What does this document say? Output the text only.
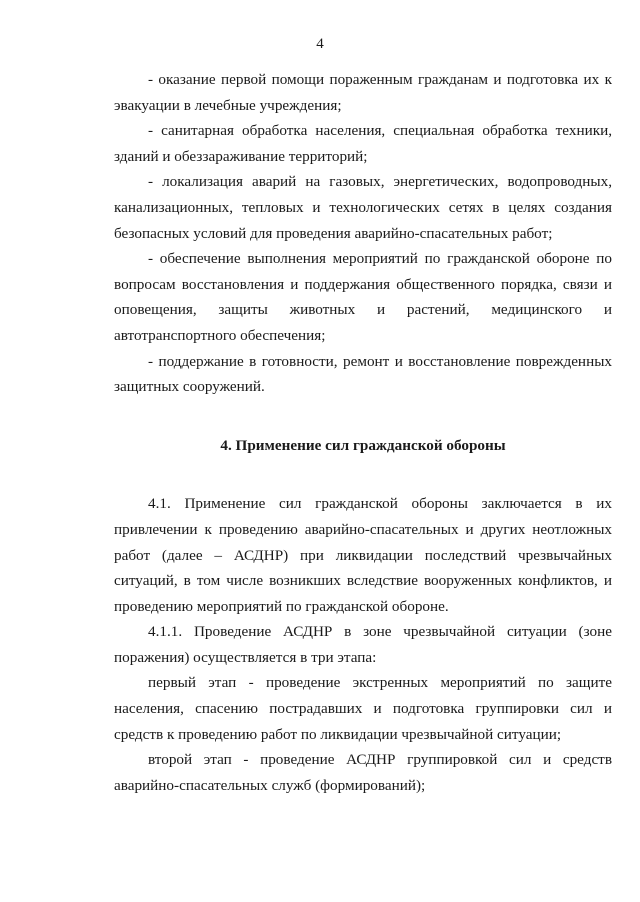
4

- оказание первой помощи пораженным гражданам и подготовка их к эвакуации в лечебные учреждения;

- санитарная обработка населения, специальная обработка техники, зданий и обеззараживание территорий;

- локализация аварий на газовых, энергетических, водопроводных, канализационных, тепловых и технологических сетях в целях создания безопасных условий для проведения аварийно-спасательных работ;

- обеспечение выполнения мероприятий по гражданской обороне по вопросам восстановления и поддержания общественного порядка, связи и оповещения, защиты животных и растений, медицинского и автотранспортного обеспечения;

- поддержание в готовности, ремонт и восстановление поврежденных защитных сооружений.

4. Применение сил гражданской обороны

4.1. Применение сил гражданской обороны заключается в их привлечении к проведению аварийно-спасательных и других неотложных работ (далее – АСДНР) при ликвидации последствий чрезвычайных ситуаций, в том числе возникших вследствие вооруженных конфликтов, и проведению мероприятий по гражданской обороне.

4.1.1. Проведение АСДНР в зоне чрезвычайной ситуации (зоне поражения) осуществляется в три этапа:

первый этап - проведение экстренных мероприятий по защите населения, спасению пострадавших и подготовка группировки сил и средств к проведению работ по ликвидации чрезвычайной ситуации;

второй этап - проведение АСДНР группировкой сил и средств аварийно-спасательных служб (формирований);
